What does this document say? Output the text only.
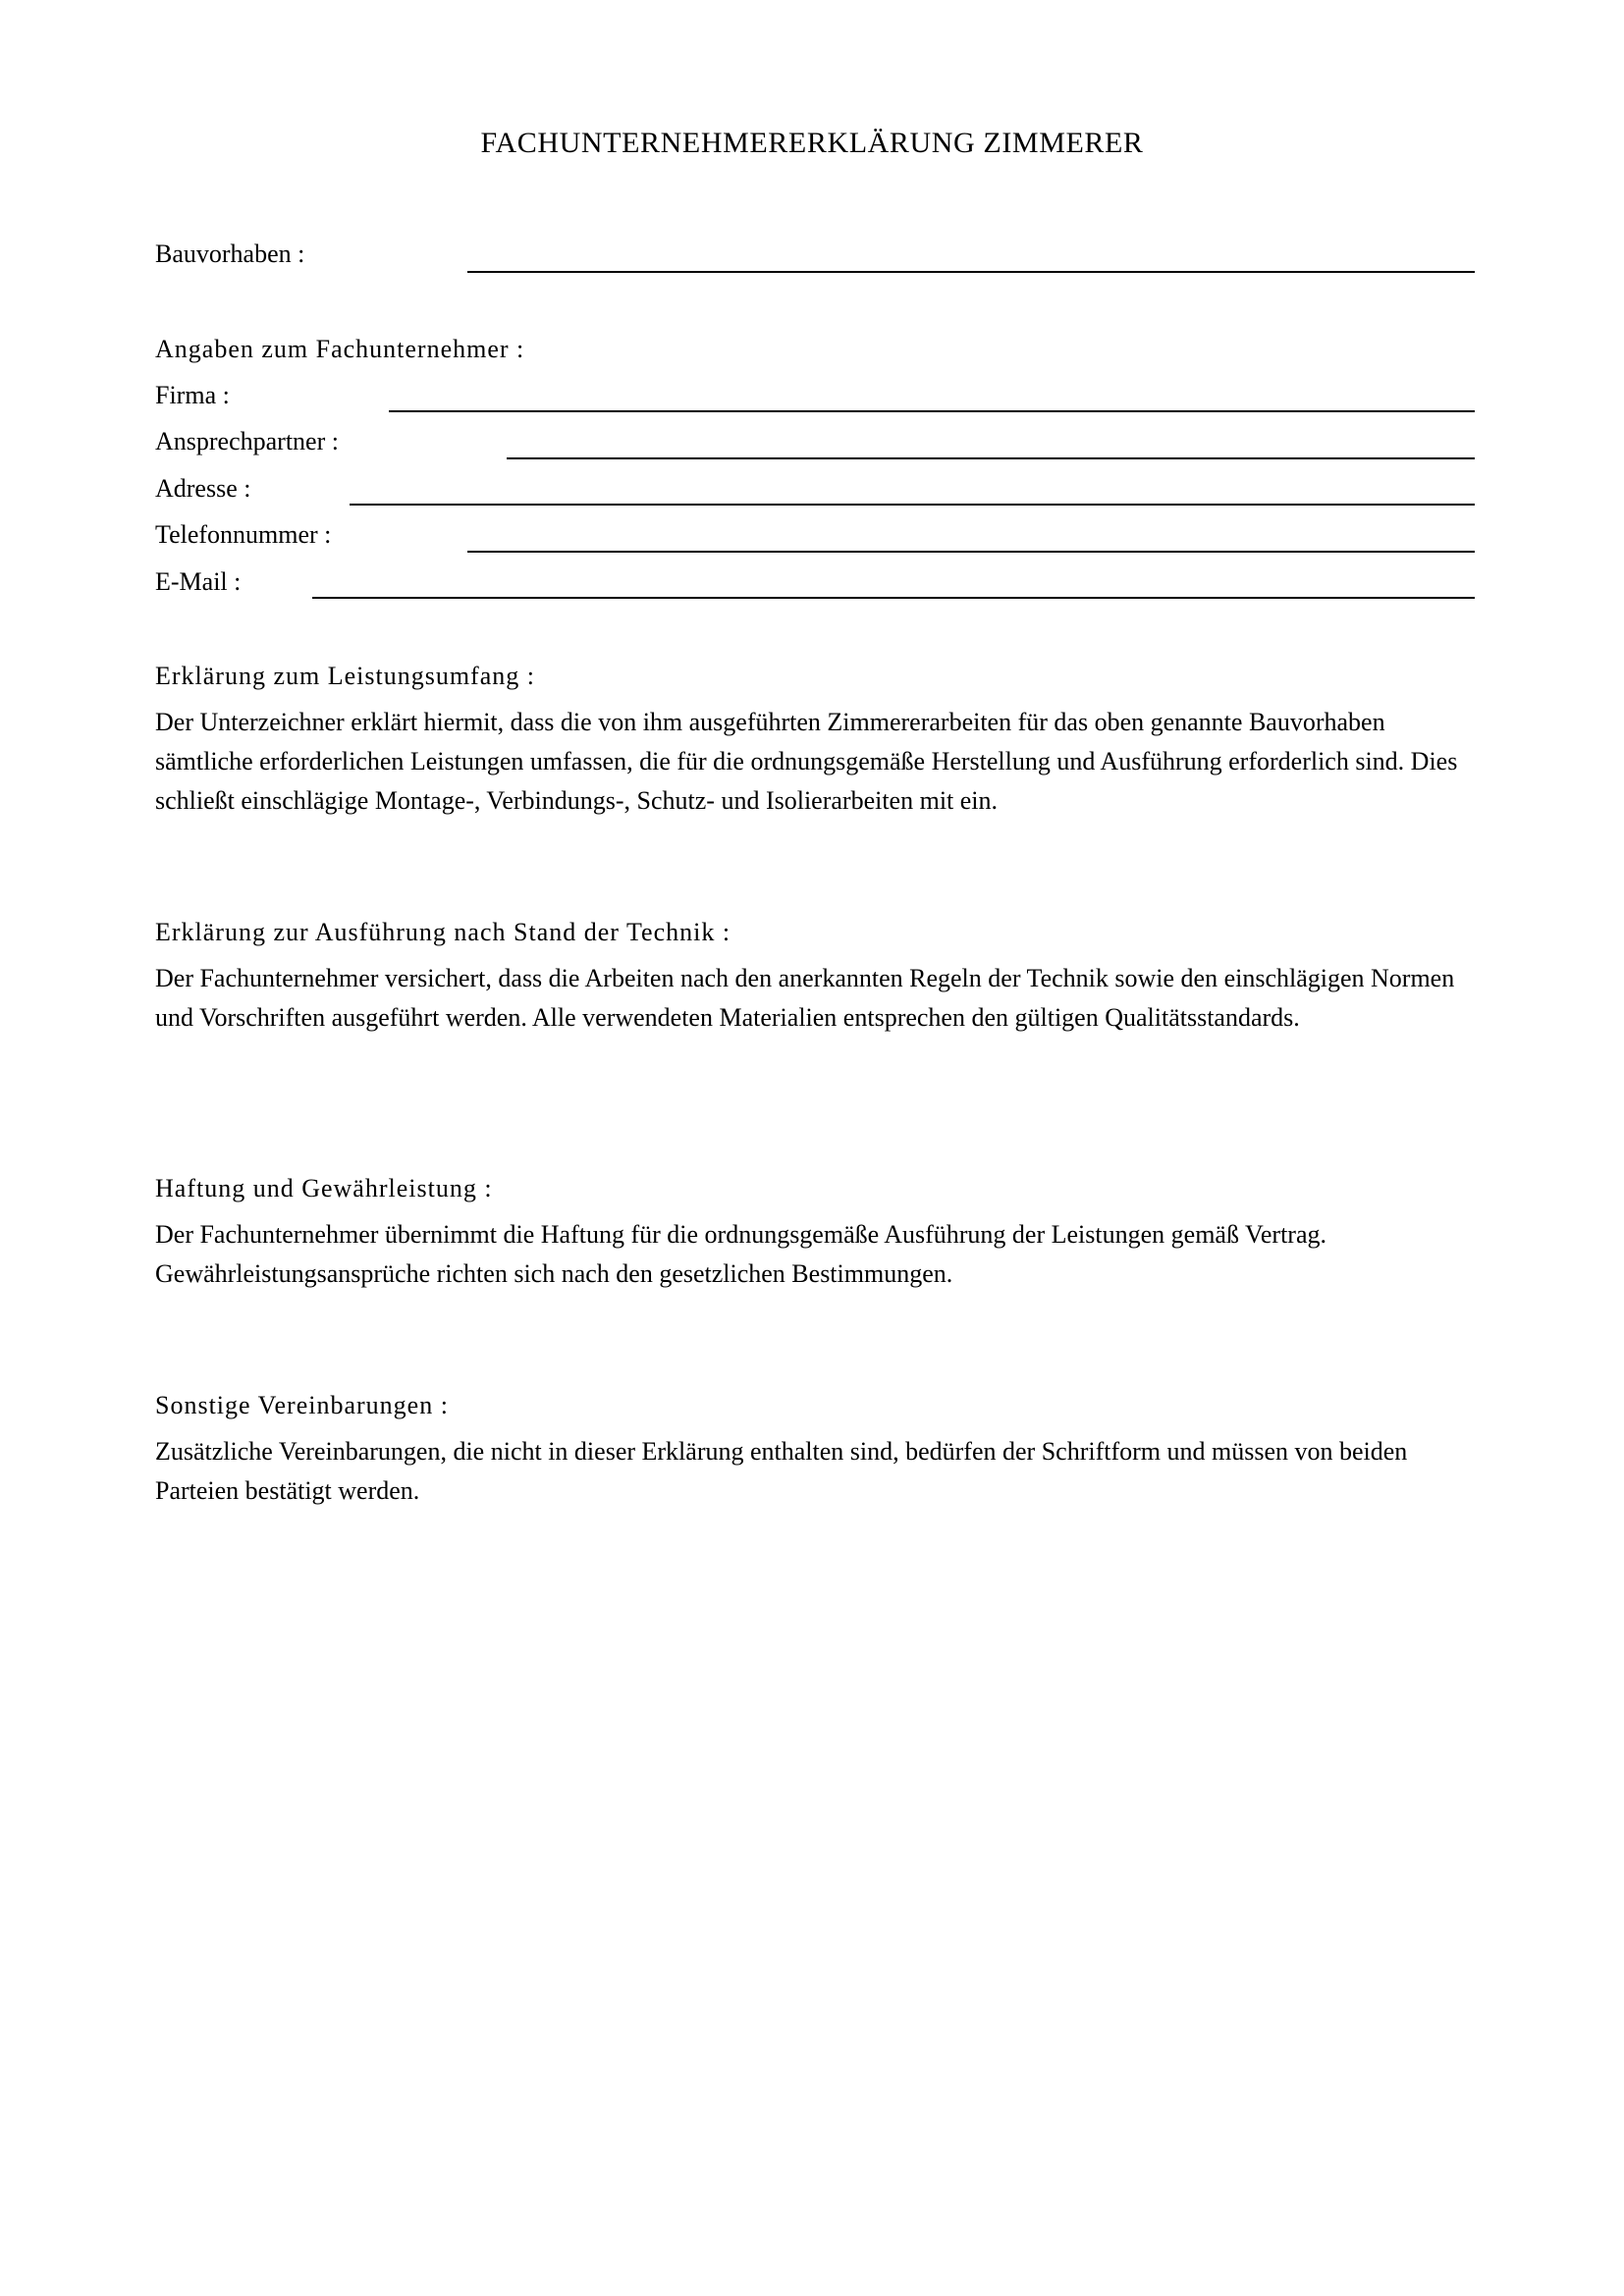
FACHUNTERNEHMERERKLÄRUNG ZIMMERER
Bauvorhaben :
Angaben zum Fachunternehmer :
Firma :
Ansprechpartner :
Adresse :
Telefonnummer :
E-Mail :
Erklärung zum Leistungsumfang :

Der Unterzeichner erklärt hiermit, dass die von ihm ausgeführten Zimmererarbeiten für das oben genannte Bauvorhaben sämtliche erforderlichen Leistungen umfassen, die für die ordnungsgemäße Herstellung und Ausführung erforderlich sind. Dies schließt einschlägige Montage-, Verbindungs-, Schutz- und Isolierarbeiten mit ein.

Erklärung zur Ausführung nach Stand der Technik :

Der Fachunternehmer versichert, dass die Arbeiten nach den anerkannten Regeln der Technik sowie den einschlägigen Normen und Vorschriften ausgeführt werden. Alle verwendeten Materialien entsprechen den gültigen Qualitätsstandards.

Haftung und Gewährleistung :

Der Fachunternehmer übernimmt die Haftung für die ordnungsgemäße Ausführung der Leistungen gemäß Vertrag. Gewährleistungsansprüche richten sich nach den gesetzlichen Bestimmungen.

Sonstige Vereinbarungen :

Zusätzliche Vereinbarungen, die nicht in dieser Erklärung enthalten sind, bedürfen der Schriftform und müssen von beiden Parteien bestätigt werden.
